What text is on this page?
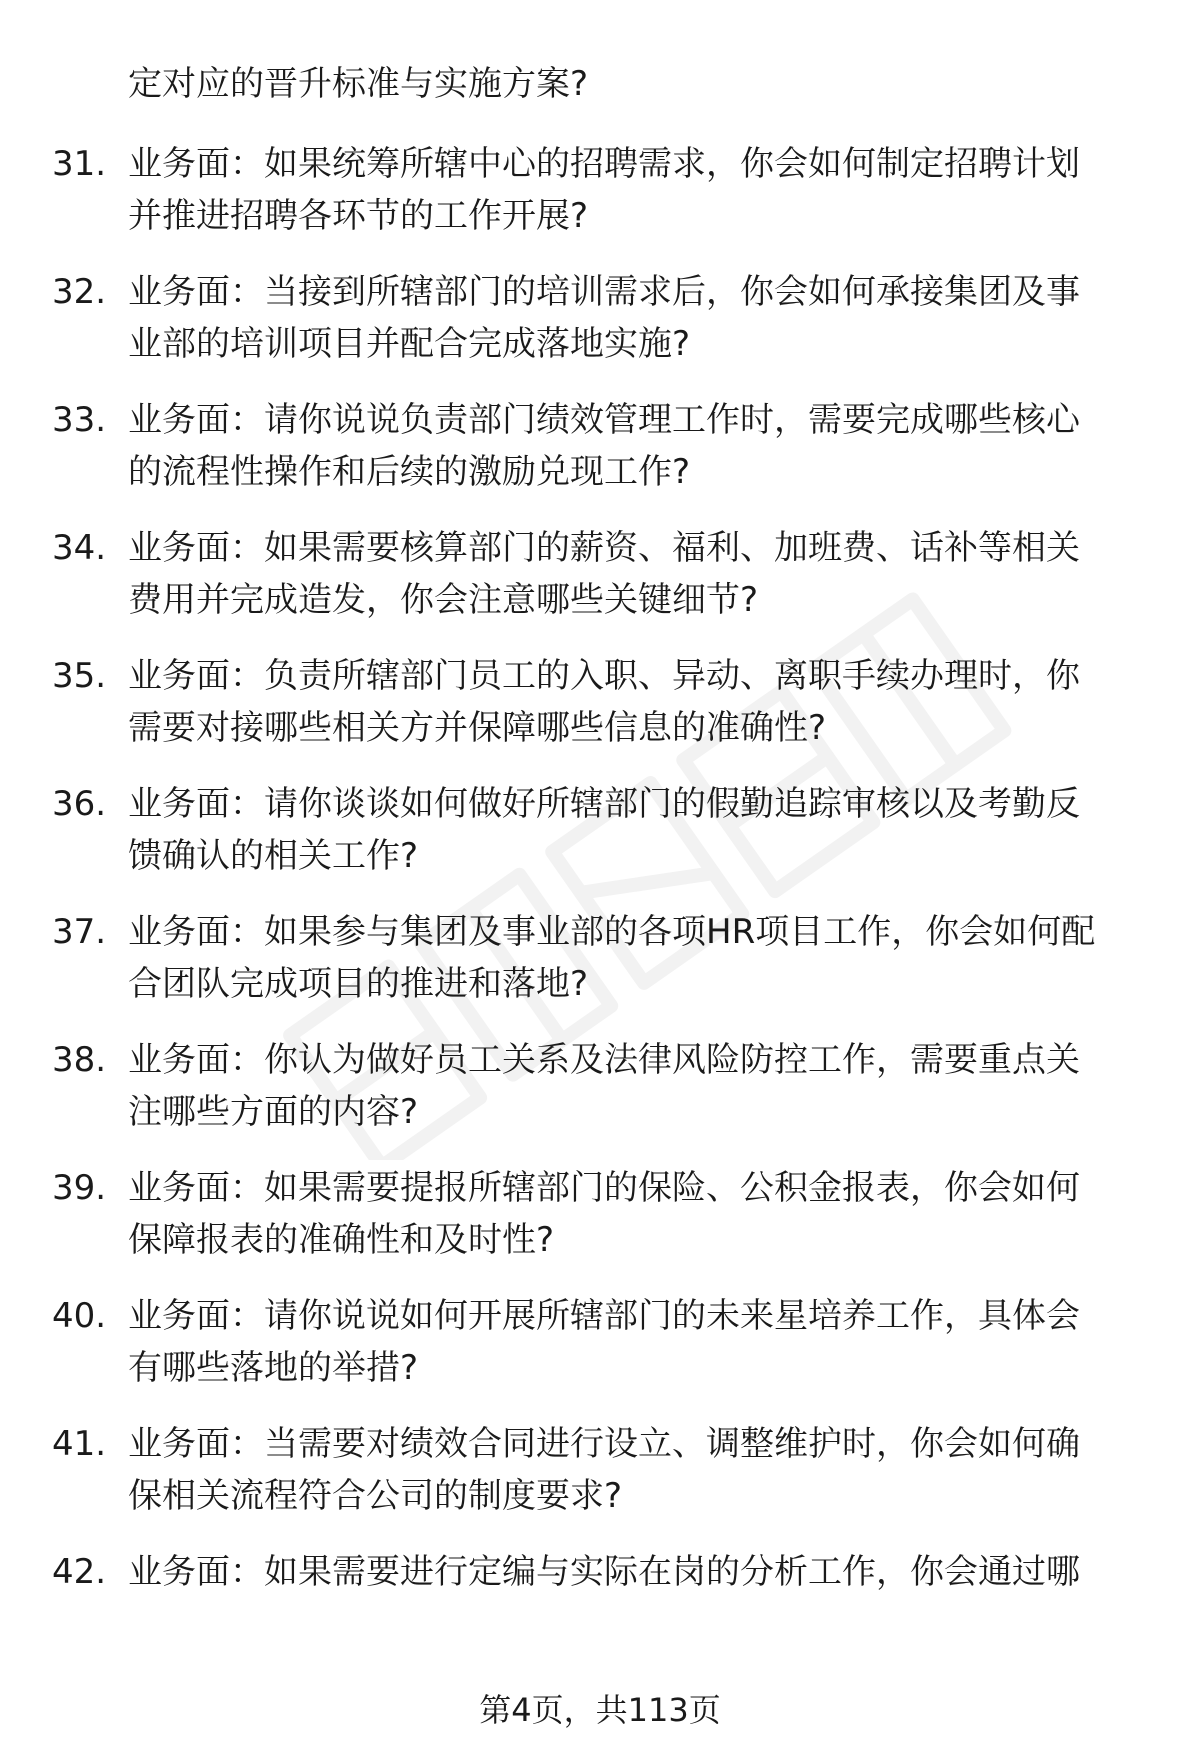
定对应的晋升标准与实施方案?
31. 业务面：如果统筹所辖中心的招聘需求，你会如何制定招聘计划
并推进招聘各环节的工作开展?
32. 业务面：当接到所辖部门的培训需求后，你会如何承接集团及事
业部的培训项目并配合完成落地实施?
33. 业务面：请你说说负责部门绩效管理工作时，需要完成哪些核心
的流程性操作和后续的激励兑现工作?
34. 业务面：如果需要核算部门的薪资、福利、加班费、话补等相关
费用并完成造发，你会注意哪些关键细节?
35. 业务面：负责所辖部门员工的入职、异动、离职手续办理时，你
需要对接哪些相关方并保障哪些信息的准确性?
36. 业务面：请你谈谈如何做好所辖部门的假勤追踪审核以及考勤反
馈确认的相关工作?
37. 业务面：如果参与集团及事业部的各项HR项目工作，你会如何配
合团队完成项目的推进和落地?
38. 业务面：你认为做好员工关系及法律风险防控工作，需要重点关
注哪些方面的内容?
39. 业务面：如果需要提报所辖部门的保险、公积金报表，你会如何
保障报表的准确性和及时性?
40. 业务面：请你说说如何开展所辖部门的未来星培养工作，具体会
有哪些落地的举措?
41. 业务面：当需要对绩效合同进行设立、调整维护时，你会如何确
保相关流程符合公司的制度要求?
42. 业务面：如果需要进行定编与实际在岗的分析工作，你会通过哪
第4页，共113页
